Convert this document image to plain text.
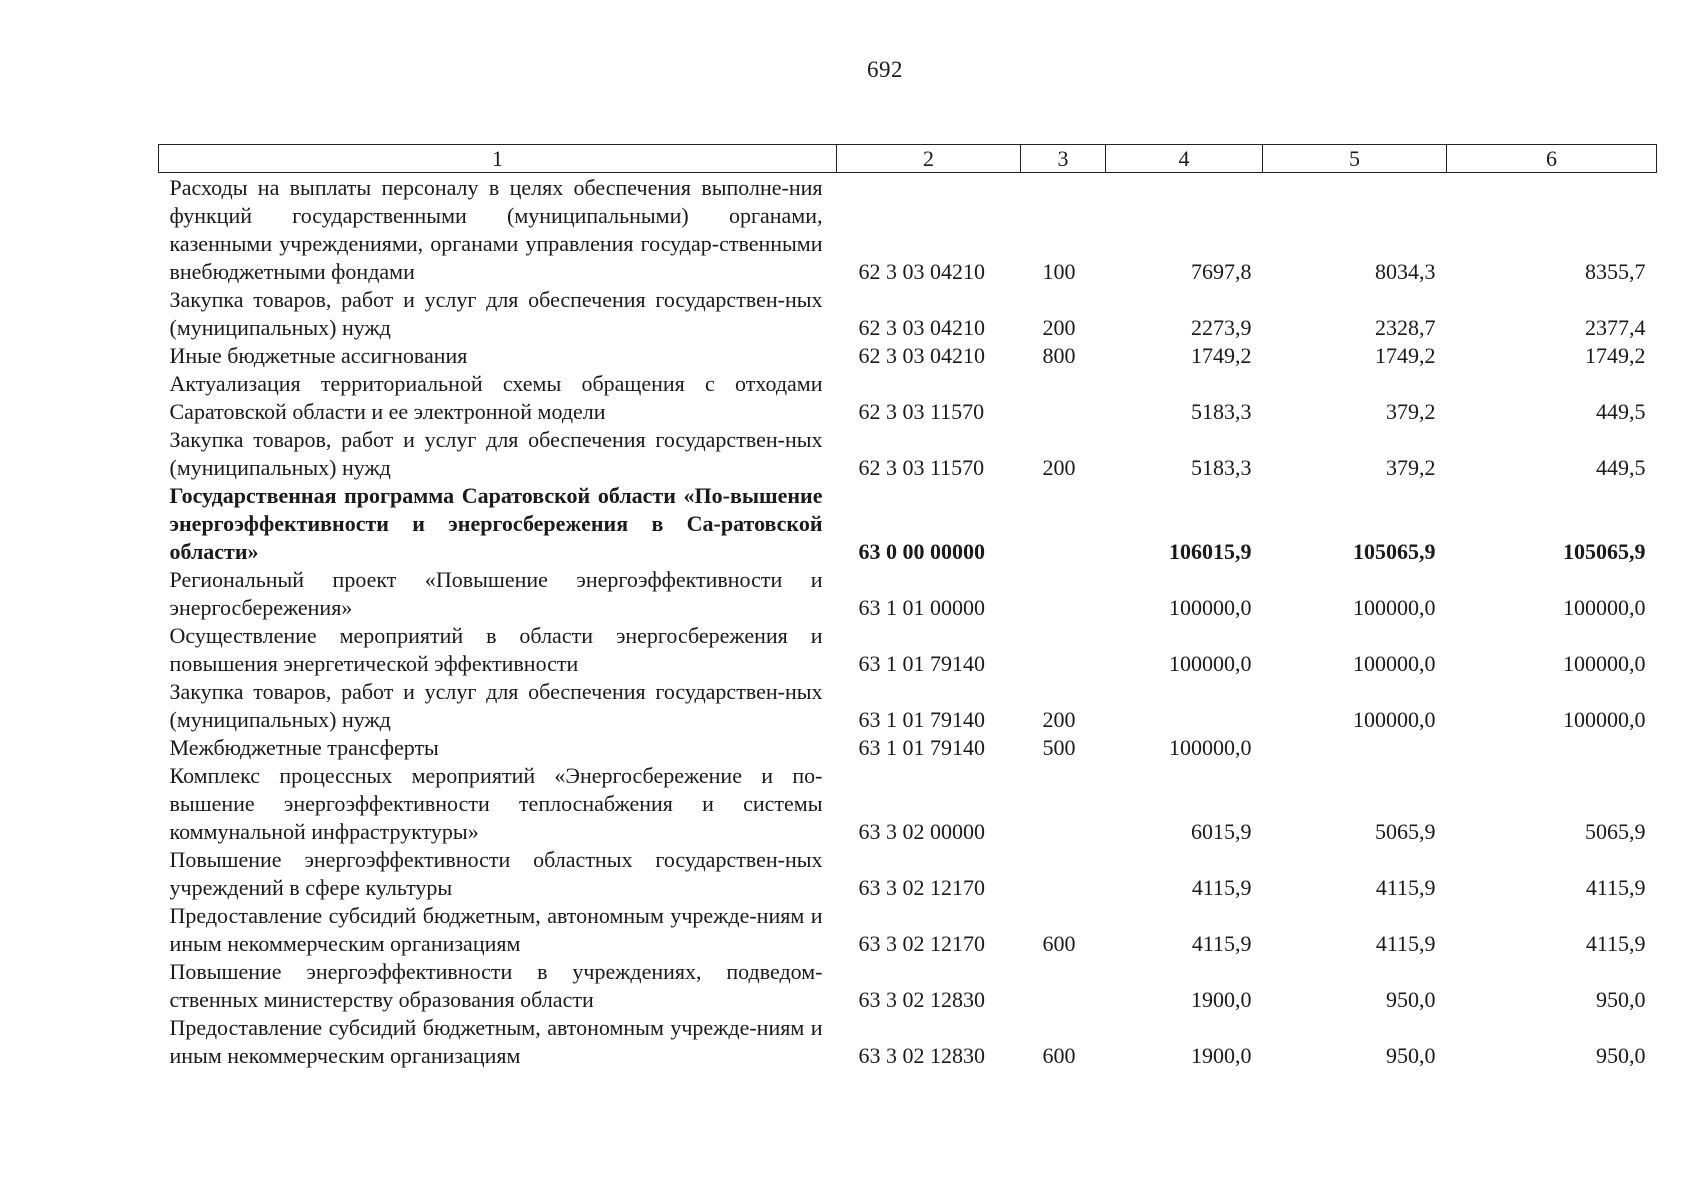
692
1	2	3	4	5	6
Расходы на выплаты персоналу в целях обеспечения выполне-ния функций государственными (муниципальными) органами, казенными учреждениями, органами управления государ-ственными внебюджетными фондами	62 3 03 04210	100	7697,8	8034,3	8355,7
Закупка товаров, работ и услуг для обеспечения государствен-ных (муниципальных) нужд	62 3 03 04210	200	2273,9	2328,7	2377,4
Иные бюджетные ассигнования	62 3 03 04210	800	1749,2	1749,2	1749,2
Актуализация территориальной схемы обращения с отходами Саратовской области и ее электронной модели	62 3 03 11570		5183,3	379,2	449,5
Закупка товаров, работ и услуг для обеспечения государствен-ных (муниципальных) нужд	62 3 03 11570	200	5183,3	379,2	449,5
Государственная программа Саратовской области «По-вышение энергоэффективности и энергосбережения в Са-ратовской области»	63 0 00 00000		106015,9	105065,9	105065,9
Региональный проект «Повышение энергоэффективности и энергосбережения»	63 1 01 00000		100000,0	100000,0	100000,0
Осуществление мероприятий в области энергосбережения и повышения энергетической эффективности	63 1 01 79140		100000,0	100000,0	100000,0
Закупка товаров, работ и услуг для обеспечения государствен-ных (муниципальных) нужд	63 1 01 79140	200		100000,0	100000,0
Межбюджетные трансферты	63 1 01 79140	500	100000,0		
Комплекс процессных мероприятий «Энергосбережение и по-вышение энергоэффективности теплоснабжения и системы коммунальной инфраструктуры»	63 3 02 00000		6015,9	5065,9	5065,9
Повышение энергоэффективности областных государствен-ных учреждений в сфере культуры	63 3 02 12170		4115,9	4115,9	4115,9
Предоставление субсидий бюджетным, автономным учрежде-ниям и иным некоммерческим организациям	63 3 02 12170	600	4115,9	4115,9	4115,9
Повышение энергоэффективности в учреждениях, подведом-ственных министерству образования области	63 3 02 12830		1900,0	950,0	950,0
Предоставление субсидий бюджетным, автономным учрежде-ниям и иным некоммерческим организациям	63 3 02 12830	600	1900,0	950,0	950,0
